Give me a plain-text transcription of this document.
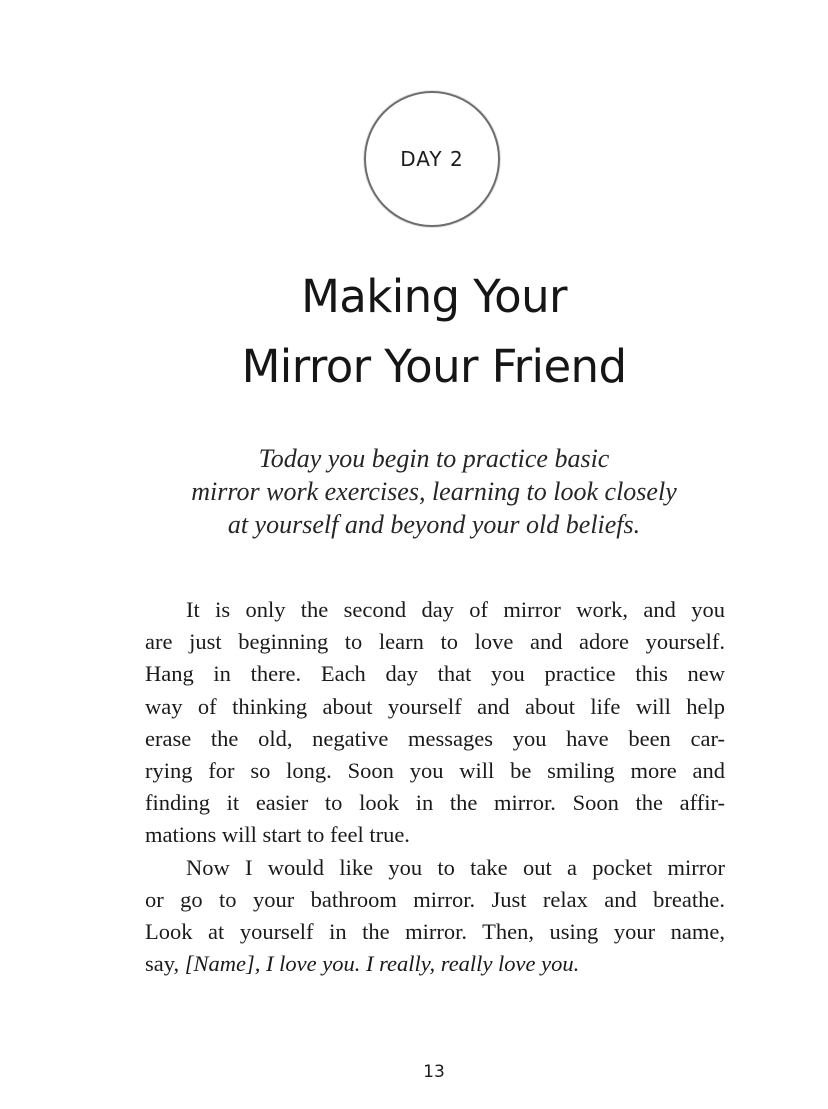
DAY 2
Making Your
Mirror Your Friend
Today you begin to practice basic
mirror work exercises, learning to look closely
at yourself and beyond your old beliefs.
It is only the second day of mirror work, and you
are just beginning to learn to love and adore yourself.
Hang in there. Each day that you practice this new
way of thinking about yourself and about life will help
erase the old, negative messages you have been car-
rying for so long. Soon you will be smiling more and
finding it easier to look in the mirror. Soon the affir-
mations will start to feel true.
Now I would like you to take out a pocket mirror
or go to your bathroom mirror. Just relax and breathe.
Look at yourself in the mirror. Then, using your name,
say, [Name], I love you. I really, really love you.
13
